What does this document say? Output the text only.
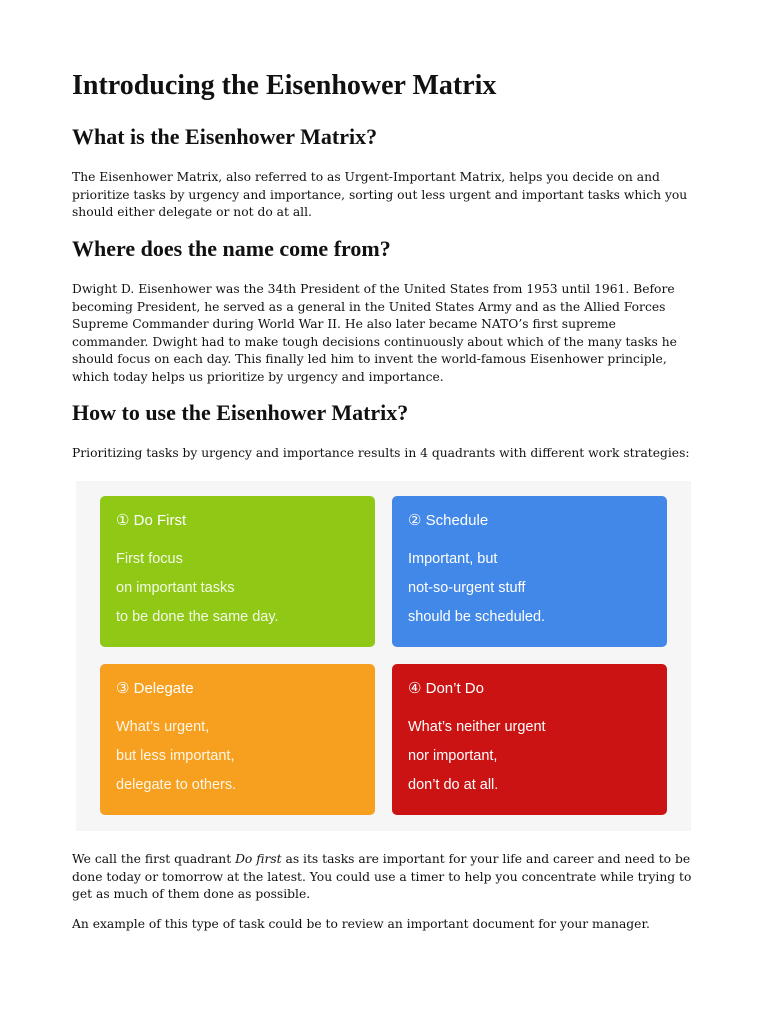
Introducing the Eisenhower Matrix
What is the Eisenhower Matrix?

The Eisenhower Matrix, also referred to as Urgent-Important Matrix, helps you decide on and prioritize tasks by urgency and importance, sorting out less urgent and important tasks which you should either delegate or not do at all.

Where does the name come from?

Dwight D. Eisenhower was the 34th President of the United States from 1953 until 1961. Before becoming President, he served as a general in the United States Army and as the Allied Forces Supreme Commander during World War II. He also later became NATO’s first supreme commander. Dwight had to make tough decisions continuously about which of the many tasks he should focus on each day. This finally led him to invent the world-famous Eisenhower principle, which today helps us prioritize by urgency and importance.

How to use the Eisenhower Matrix?

Prioritizing tasks by urgency and importance results in 4 quadrants with different work strategies:

We call the first quadrant Do first as its tasks are important for your life and career and need to be done today or tomorrow at the latest. You could use a timer to help you concentrate while trying to get as much of them done as possible.

An example of this type of task could be to review an important document for your manager.

① Do First
First focus
on important tasks
to be done the same day.
② Schedule
Important, but
not-so-urgent stuff
should be scheduled.
③ Delegate
What’s urgent,
but less important,
delegate to others.
④ Don’t Do
What’s neither urgent
nor important,
don’t do at all.
